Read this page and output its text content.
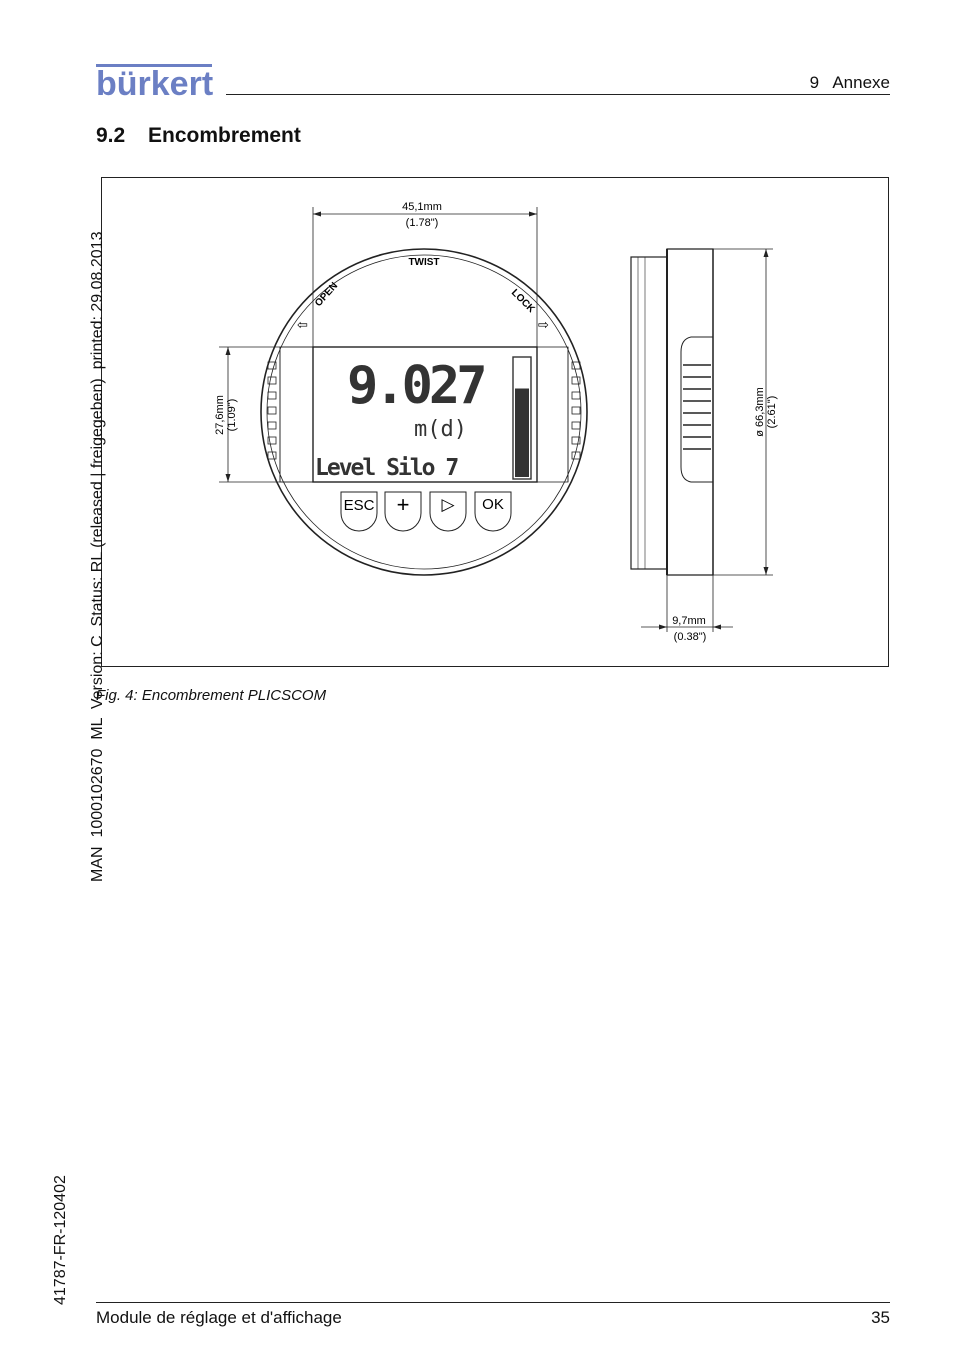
bürkert	9   Annexe
9.2 Encombrement
45,1mm
(1.78")
27,6mm (1.09")
TWIST
OPEN
⇦
LOCK
⇨
9.027
m(d)
Level Silo 7
ESC + ▷ OK
ø 66,3mm (2.61")
9,7mm
(0.38")
Fig. 4: Encombrement PLICSCOM
MAN  1000102670  ML  Version: C  Status: RL (released | freigegeben)  printed: 29.08.2013
41787-FR-120402
Module de réglage et d'affichage	35
